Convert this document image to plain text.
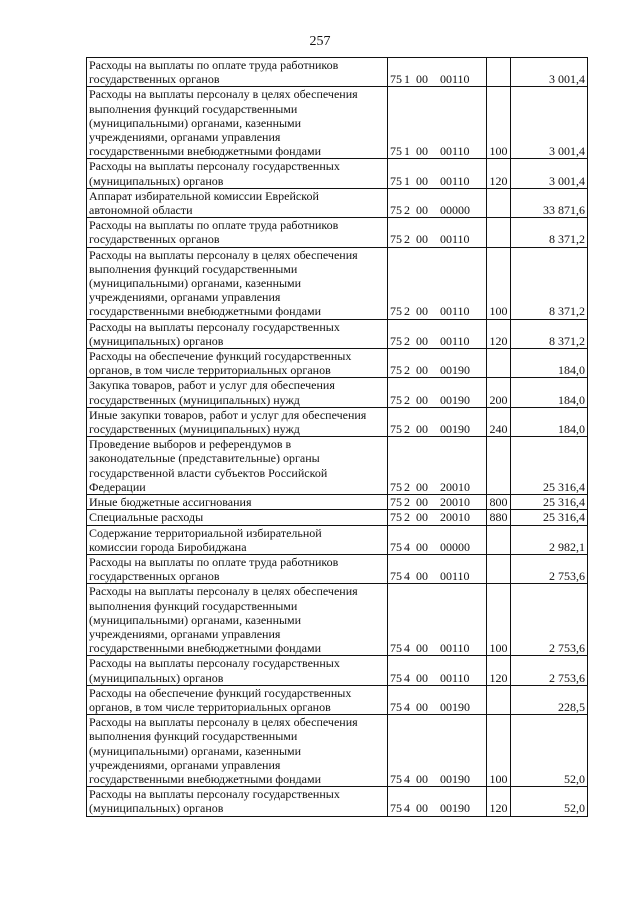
257
Расходы на выплаты по оплате труда работников
государственных органов	75 1 00 00110		3 001,4

Расходы на выплаты персоналу в целях обеспечения
выполнения функций государственными
(муниципальными) органами, казенными
учреждениями, органами управления
государственными внебюджетными фондами	75 1 00 00110	100	3 001,4

Расходы на выплаты персоналу государственных
(муниципальных) органов	75 1 00 00110	120	3 001,4

Аппарат избирательной комиссии Еврейской
автономной области	75 2 00 00000		33 871,6

Расходы на выплаты по оплате труда работников
государственных органов	75 2 00 00110		8 371,2

Расходы на выплаты персоналу в целях обеспечения
выполнения функций государственными
(муниципальными) органами, казенными
учреждениями, органами управления
государственными внебюджетными фондами	75 2 00 00110	100	8 371,2

Расходы на выплаты персоналу государственных
(муниципальных) органов	75 2 00 00110	120	8 371,2

Расходы на обеспечение функций государственных
органов, в том числе территориальных органов	75 2 00 00190		184,0

Закупка товаров, работ и услуг для обеспечения
государственных (муниципальных) нужд	75 2 00 00190	200	184,0

Иные закупки товаров, работ и услуг для обеспечения
государственных (муниципальных) нужд	75 2 00 00190	240	184,0

Проведение выборов и референдумов в
законодательные (представительные) органы
государственной власти субъектов Российской
Федерации	75 2 00 20010		25 316,4

Иные бюджетные ассигнования	75 2 00 20010	800	25 316,4

Специальные расходы	75 2 00 20010	880	25 316,4

Содержание территориальной избирательной
комиссии города Биробиджана	75 4 00 00000		2 982,1

Расходы на выплаты по оплате труда работников
государственных органов	75 4 00 00110		2 753,6

Расходы на выплаты персоналу в целях обеспечения
выполнения функций государственными
(муниципальными) органами, казенными
учреждениями, органами управления
государственными внебюджетными фондами	75 4 00 00110	100	2 753,6

Расходы на выплаты персоналу государственных
(муниципальных) органов	75 4 00 00110	120	2 753,6

Расходы на обеспечение функций государственных
органов, в том числе территориальных органов	75 4 00 00190		228,5

Расходы на выплаты персоналу в целях обеспечения
выполнения функций государственными
(муниципальными) органами, казенными
учреждениями, органами управления
государственными внебюджетными фондами	75 4 00 00190	100	52,0

Расходы на выплаты персоналу государственных
(муниципальных) органов	75 4 00 00190	120	52,0
